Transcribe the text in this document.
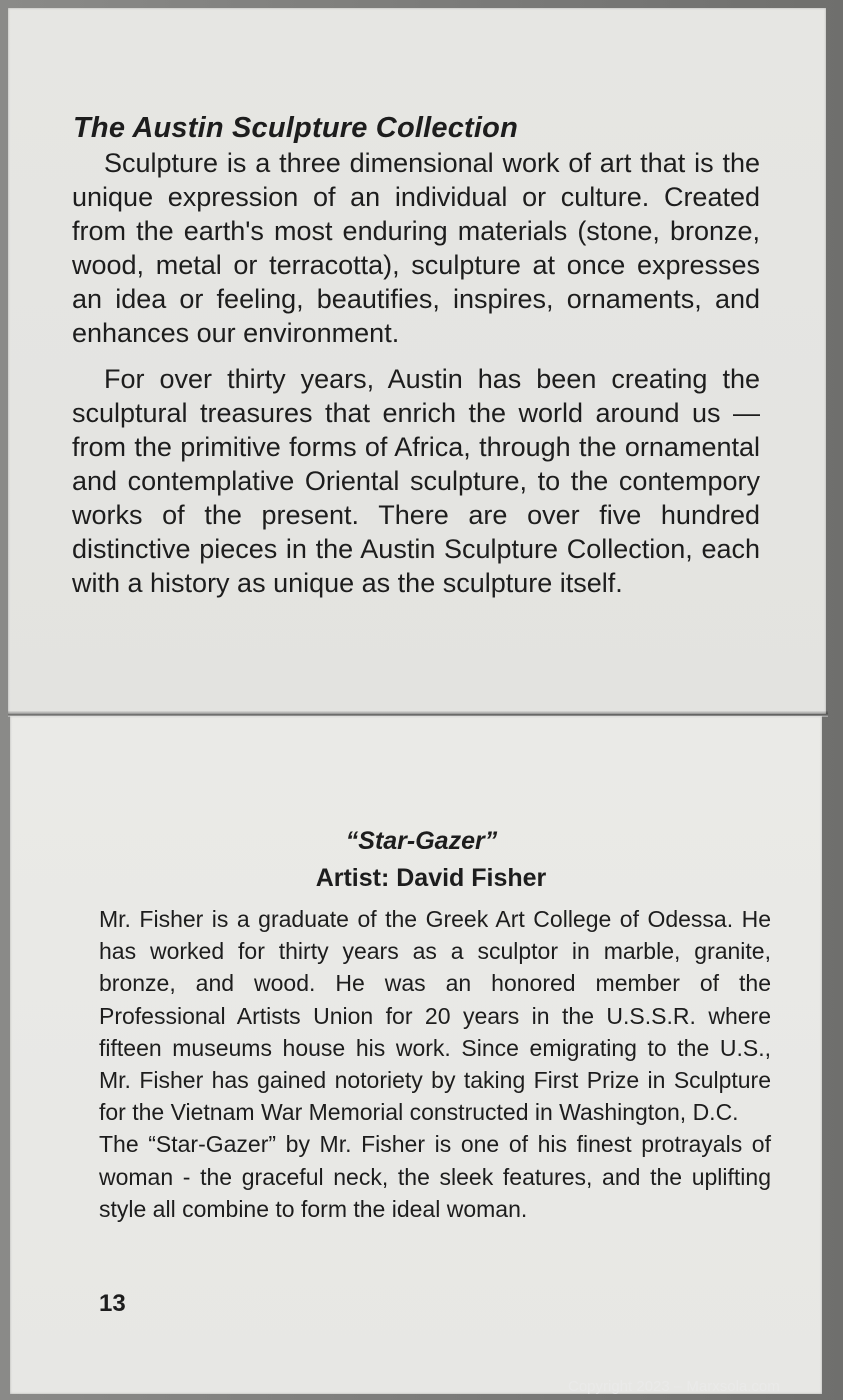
The Austin Sculpture Collection

Sculpture is a three dimensional work of art that is the unique expression of an individual or culture. Created from the earth's most enduring materials (stone, bronze, wood, metal or terracotta), sculpture at once expresses an idea or feeling, beautifies, inspires, ornaments, and enhances our environment.

For over thirty years, Austin has been creating the sculptural treasures that enrich the world around us — from the primitive forms of Africa, through the ornamental and contemplative Oriental sculpture, to the contempory works of the present. There are over five hundred distinctive pieces in the Austin Sculpture Collection, each with a history as unique as the sculpture itself.

“Star-Gazer”
Artist: David Fisher

Mr. Fisher is a graduate of the Greek Art College of Odessa. He has worked for thirty years as a sculptor in marble, granite, bronze, and wood. He was an honored member of the Professional Artists Union for 20 years in the U.S.S.R. where fifteen museums house his work. Since emigrating to the U.S., Mr. Fisher has gained notoriety by taking First Prize in Sculpture for the Vietnam War Memorial constructed in Washington, D.C.

The “Star-Gazer” by Mr. Fisher is one of his finest protrayals of woman - the graceful neck, the sleek features, and the uplifting style all combine to form the ideal woman.

13

Copyright 2023 – Marxsola.com
